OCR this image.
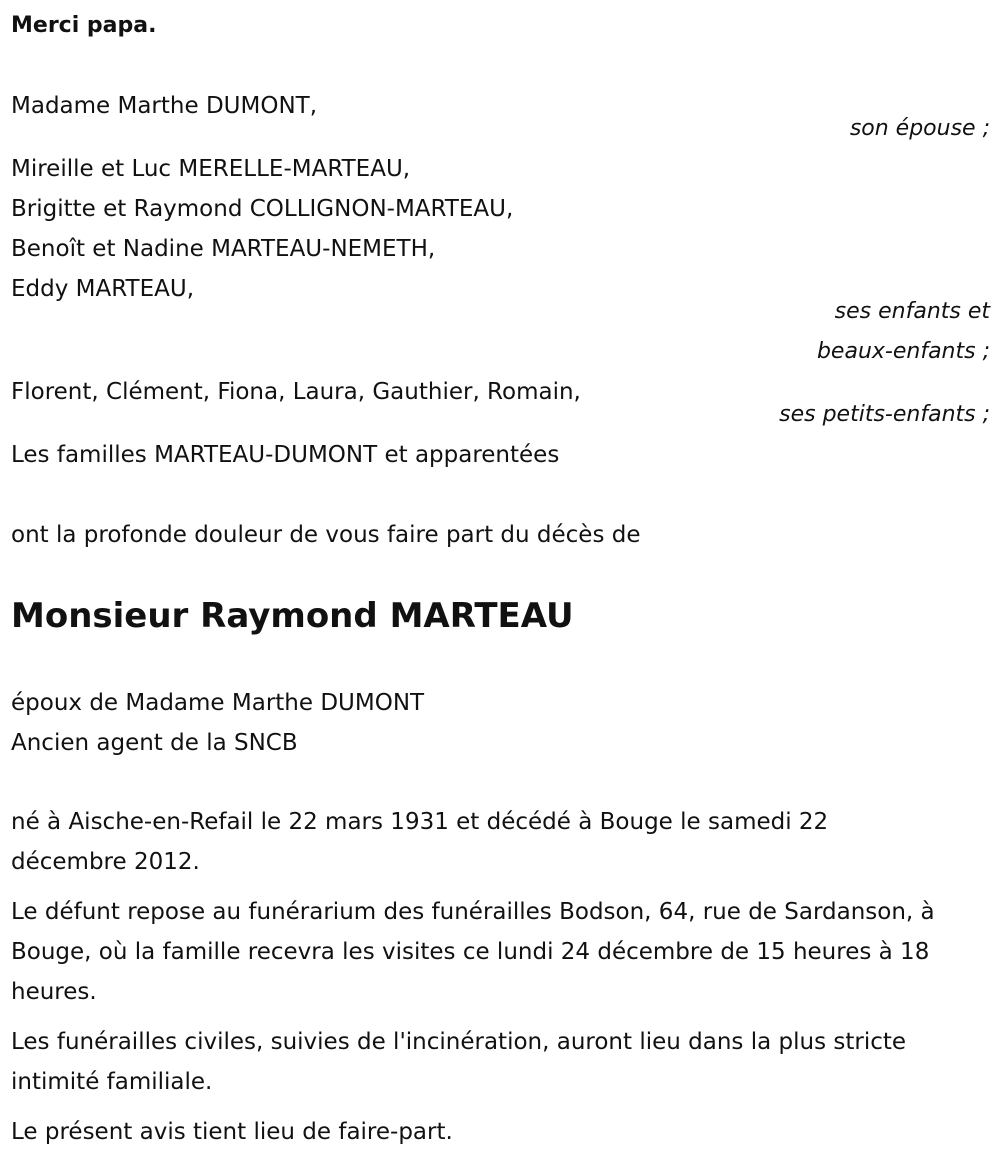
Merci papa.
Madame Marthe DUMONT,
son épouse ;
Mireille et Luc MERELLE-MARTEAU,
Brigitte et Raymond COLLIGNON-MARTEAU,
Benoît et Nadine MARTEAU-NEMETH,
Eddy MARTEAU,
ses enfants et
beaux-enfants ;
Florent, Clément, Fiona, Laura, Gauthier, Romain,
ses petits-enfants ;
Les familles MARTEAU-DUMONT et apparentées
ont la profonde douleur de vous faire part du décès de
Monsieur Raymond MARTEAU
époux de Madame Marthe DUMONT
Ancien agent de la SNCB
né à Aische-en-Refail le 22 mars 1931 et décédé à Bouge le samedi 22 décembre 2012.
Le défunt repose au funérarium des funérailles Bodson, 64, rue de Sardanson, à Bouge, où la famille recevra les visites ce lundi 24 décembre de 15 heures à 18 heures.
Les funérailles civiles, suivies de l'incinération, auront lieu dans la plus stricte intimité familiale.
Le présent avis tient lieu de faire-part.
